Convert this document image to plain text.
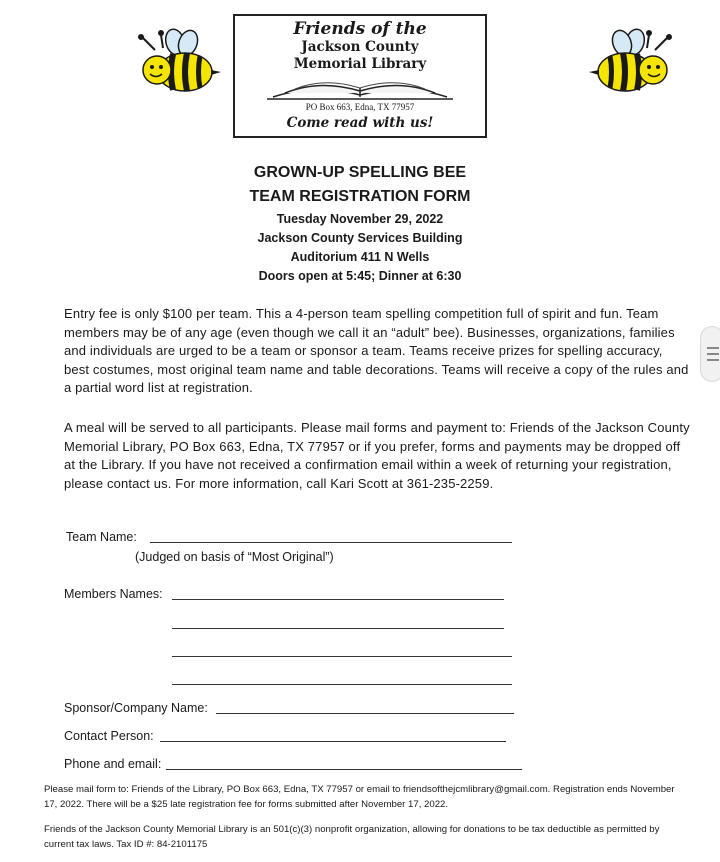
Friends of the
Jackson County
Memorial Library
PO Box 663, Edna, TX 77957
Come read with us!
GROWN-UP SPELLING BEE
TEAM REGISTRATION FORM
Tuesday November 29, 2022
Jackson County Services Building
Auditorium 411 N Wells
Doors open at 5:45; Dinner at 6:30
Entry fee is only $100 per team. This a 4-person team spelling competition full of spirit and fun. Team members may be of any age (even though we call it an “adult” bee). Businesses, organizations, families and individuals are urged to be a team or sponsor a team. Teams receive prizes for spelling accuracy, best costumes, most original team name and table decorations. Teams will receive a copy of the rules and a partial word list at registration.
A meal will be served to all participants. Please mail forms and payment to: Friends of the Jackson County Memorial Library, PO Box 663, Edna, TX 77957 or if you prefer, forms and payments may be dropped off at the Library. If you have not received a confirmation email within a week of returning your registration, please contact us. For more information, call Kari Scott at 361-235-2259.
Team Name:
(Judged on basis of “Most Original”)
Members Names:
Sponsor/Company Name:
Contact Person:
Phone and email:
Please mail form to: Friends of the Library, PO Box 663, Edna, TX 77957 or email to friendsofthejcmlibrary@gmail.com. Registration ends November 17, 2022. There will be a $25 late registration fee for forms submitted after November 17, 2022.
Friends of the Jackson County Memorial Library is an 501(c)(3) nonprofit organization, allowing for donations to be tax deductible as permitted by current tax laws. Tax ID #: 84-2101175
